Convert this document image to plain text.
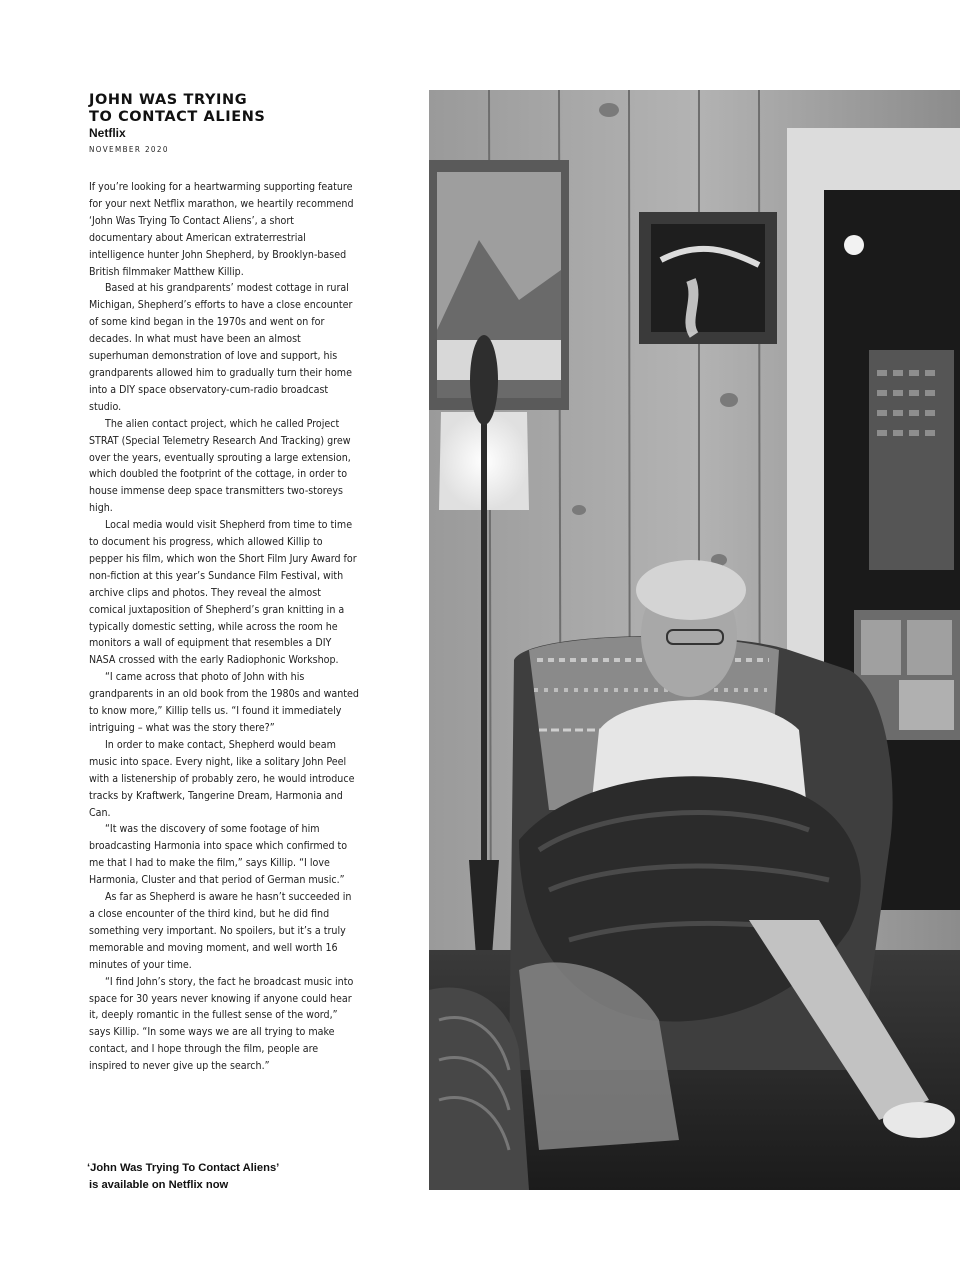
JOHN WAS TRYING
TO CONTACT ALIENS

Netflix

NOVEMBER 2020

If you’re looking for a heartwarming supporting feature for your next Netflix marathon, we heartily recommend ‘John Was Trying To Contact Aliens’, a short documentary about American extraterrestrial intelligence hunter John Shepherd, by Brooklyn-based British filmmaker Matthew Killip.

Based at his grandparents’ modest cottage in rural Michigan, Shepherd’s efforts to have a close encounter of some kind began in the 1970s and went on for decades. In what must have been an almost superhuman demonstration of love and support, his grandparents allowed him to gradually turn their home into a DIY space observatory-cum-radio broadcast studio.

The alien contact project, which he called Project STRAT (Special Telemetry Research And Tracking) grew over the years, eventually sprouting a large extension, which doubled the footprint of the cottage, in order to house immense deep space transmitters two-storeys high.

Local media would visit Shepherd from time to time to document his progress, which allowed Killip to pepper his film, which won the Short Film Jury Award for non-fiction at this year’s Sundance Film Festival, with archive clips and photos. They reveal the almost comical juxtaposition of Shepherd’s gran knitting in a typically domestic setting, while across the room he monitors a wall of equipment that resembles a DIY NASA crossed with the early Radiophonic Workshop.

“I came across that photo of John with his grandparents in an old book from the 1980s and wanted to know more,” Killip tells us. “I found it immediately intriguing – what was the story there?”

In order to make contact, Shepherd would beam music into space. Every night, like a solitary John Peel with a listenership of probably zero, he would introduce tracks by Kraftwerk, Tangerine Dream, Harmonia and Can.

“It was the discovery of some footage of him broadcasting Harmonia into space which confirmed to me that I had to make the film,” says Killip. “I love Harmonia, Cluster and that period of German music.”

As far as Shepherd is aware he hasn’t succeeded in a close encounter of the third kind, but he did find something very important. No spoilers, but it’s a truly memorable and moving moment, and well worth 16 minutes of your time.

“I find John’s story, the fact he broadcast music into space for 30 years never knowing if anyone could hear it, deeply romantic in the fullest sense of the word,” says Killip. “In some ways we are all trying to make contact, and I hope through the film, people are inspired to never give up the search.”

‘John Was Trying To Contact Aliens’
is available on Netflix now
